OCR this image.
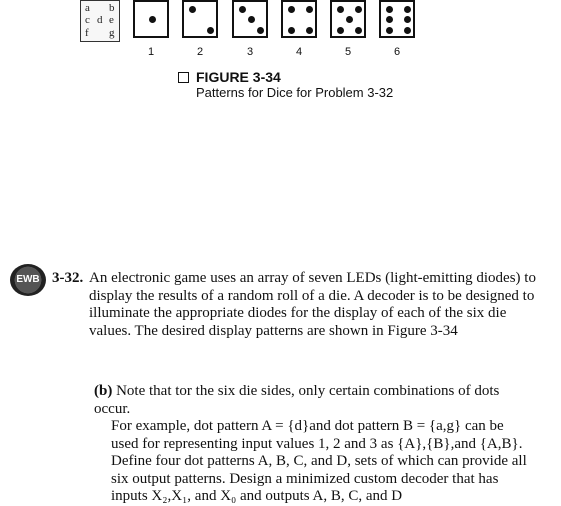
a b
c d e
f g
1	2	3	4	5	6
FIGURE 3-34
Patterns for Dice for Problem 3-32
EWB 3-32. An electronic game uses an array of seven LEDs (light-emitting diodes) to display the results of a random roll of a die. A decoder is to be designed to illuminate the appropriate diodes for the display of each of the six die values. The desired display patterns are shown in Figure 3-34
(b) Note that tor the six die sides, only certain combinations of dots occur.
For example, dot pattern A = {d}and dot pattern B = {a,g} can be used for representing input values 1, 2 and 3 as {A},{B},and {A,B}. Define four dot patterns A, B, C, and D, sets of which can provide all six output patterns. Design a minimized custom decoder that has inputs X₂,X₁, and X₀ and outputs A, B, C, and D
